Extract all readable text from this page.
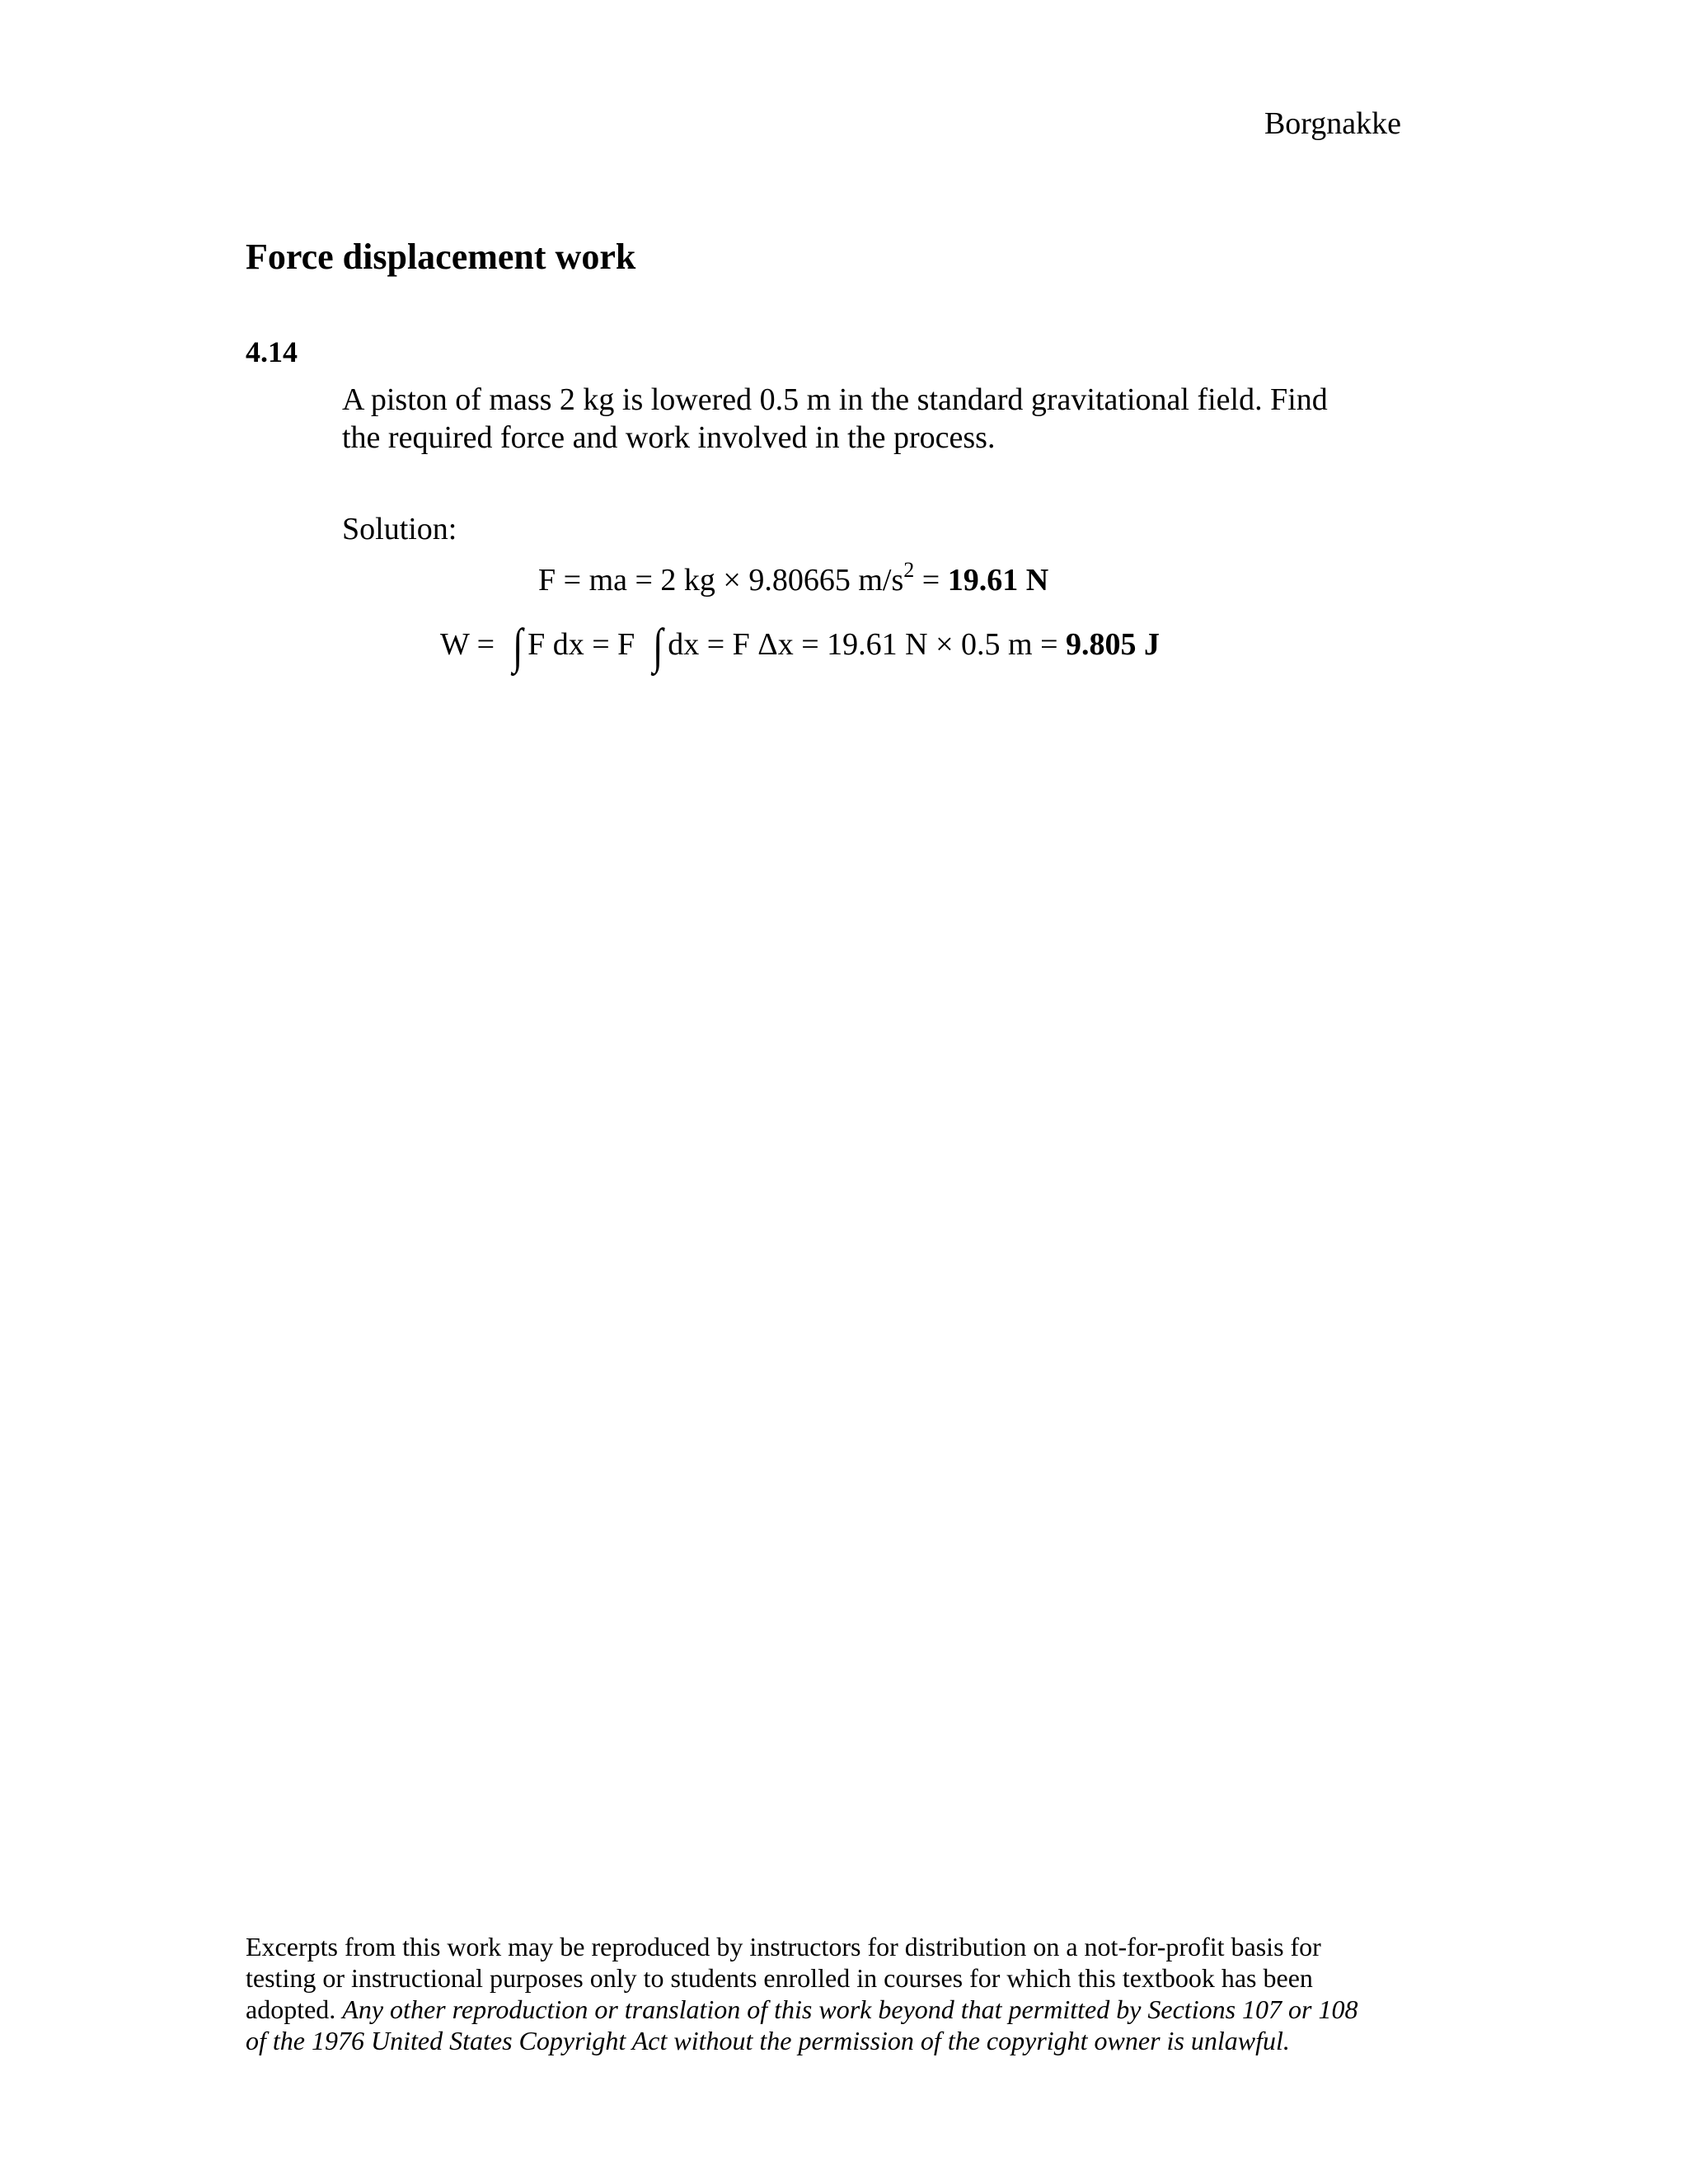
Borgnakke
Force displacement work
4.14
A piston of mass 2 kg is lowered 0.5 m in the standard gravitational field. Find
the required force and work involved in the process.
Solution:
F = ma = 2 kg × 9.80665 $m/s^2 = 19.61$ N
W = ∫ F dx = F ∫ dx = F Δx = 19.61 N × 0.5 m = 9.805 J
Excerpts from this work may be reproduced by instructors for distribution on a not-for-profit basis for
testing or instructional purposes only to students enrolled in courses for which this textbook has been
adopted. Any other reproduction or translation of this work beyond that permitted by Sections 107 or 108
of the 1976 United States Copyright Act without the permission of the copyright owner is unlawful.
